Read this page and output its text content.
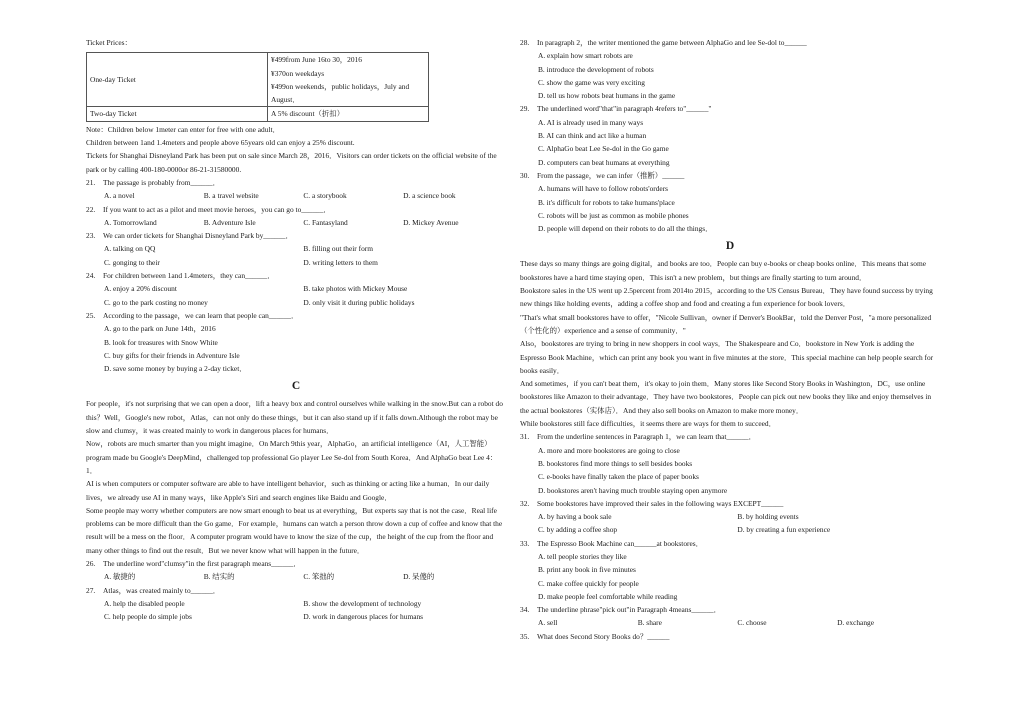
Ticket Prices：

One-day Ticket	¥499from June 16to 30，2016
¥370on weekdays
¥499on weekends，public holidays，July and August．

Two-day Ticket	A 5% discount（折扣）

Note：Children below 1meter can enter for free with one adult．

Children between 1and 1.4meters and people above 65years old can enjoy a 25% discount.

Tickets for Shanghai Disneyland Park has been put on sale since March 28，2016．Visitors can order tickets on the official website of the park or by calling 400-180-0000or 86-21-31580000.

21. The passage is probably from______．
A. a novel	B. a travel website	C. a storybook	D. a science book
22. If you want to act as a pilot and meet movie heroes，you can go to______．
A. Tomorrowland	B. Adventure Isle	C. Fantasyland	D. Mickey Avenue
23. We can order tickets for Shanghai Disneyland Park by______．
A. talking on QQ	B. filling out their form
C. gonging to their	D. writing letters to them
24. For children between 1and 1.4meters，they can______．
A. enjoy a 20% discount	B. take photos with Mickey Mouse
C. go to the park costing no money	D. only visit it during public holidays
25. According to the passage，we can learn that people can______．
A. go to the park on June 14th，2016
B. look for treasures with Snow White
C. buy gifts for their friends in Adventure Isle
D. save some money by buying a 2-day ticket．
C

For people，it's not surprising that we can open a door，lift a heavy box and control ourselves while walking in the snow.But can a robot do this？Well，Google's new robot，Atlas，can not only do these things，but it can also stand up if it falls down.Although the robot may be slow and clumsy，it was created mainly to work in dangerous places for humans．

Now，robots are much smarter than you might imagine．On March 9this year，AlphaGo，an artificial intelligence（AI，人工智能）program made bu Google's DeepMind，challenged top professional Go player Lee Se-dol from South Korea．And AlphaGo beat Lee 4：1．

AI is when computers or computer software are able to have intelligent behavior，such as thinking or acting like a human．In our daily lives，we already use AI in many ways，like Apple's Siri and search engines like Baidu and Google．

Some people may worry whether computers are now smart enough to beat us at everything，But experts say that is not the case．Real life problems can be more difficult than the Go game．For example，humans can watch a person throw down a cup of coffee and know that the result will be a mess on the floor．A computer program would have to know the size of the cup，the height of the cup from the floor and many other things to find out the result．But we never know what will happen in the future．

26. The underline word"clumsy"in the first paragraph means______．
A. 敏捷的	B. 结实的	C. 笨拙的	D. 呆傻的
27. Atlas，was created mainly to______．
A. help the disabled people	B. show the development of technology
C. help people do simple jobs	D. work in dangerous places for humans
28. In paragraph 2，the writer mentioned the game between AlphaGo and lee Se-dol to______
A. explain how smart robots are
B. introduce the development of robots
C. show the game was very exciting
D. tell us how robots beat humans in the game
29. The underlined word"that"in paragraph 4refers to"______"
A. AI is already used in many ways
B. AI can think and act like a human
C. AlphaGo beat Lee Se-dol in the Go game
D. computers can beat humans at everything
30. From the passage，we can infer（推断）______
A. humans will have to follow robots'orders
B. it's difficult for robots to take humans'place
C. robots will be just as common as mobile phones
D. people will depend on their robots to do all the things．
D

These days so many things are going digital，and books are too．People can buy e-books or cheap books online．This means that some bookstores have a hard time staying open．This isn't a new problem，but things are finally starting to turn around．

Bookstore sales in the US went up 2.5percent from 2014to 2015，according to the US Census Bureau．They have found success by trying new things like holding events，adding a coffee shop and food and creating a fun experience for book lovers．

"That's what small bookstores have to offer，"Nicole Sullivan，owner if Denver's BookBar，told the Denver Post，"a more personalized（个性化的）experience and a sense of community．"

Also，bookstores are trying to bring in new shoppers in cool ways．The Shakespeare and Co．bookstore in New York is adding the Espresso Book Machine，which can print any book you want in five minutes at the store．This special machine can help people search for books easily．

And sometimes，if you can't beat them，it's okay to join them．Many stores like Second Story Books in Washington，DC，use online bookstores like Amazon to their advantage．They have two bookstores．People can pick out new books they like and enjoy themselves in the actual bookstores（实体店）．And they also sell books on Amazon to make more money．

While bookstores still face difficulties，it seems there are ways for them to succeed．

31. From the underline sentences in Paragraph 1，we can learn that______．
A. more and more bookstores are going to close
B. bookstores find more things to sell besides books
C. e-books have finally taken the place of paper books
D. bookstores aren't having much trouble staying open anymore
32. Some bookstores have improved their sales in the following ways EXCEPT______
A. by having a book sale	B. by holding events
C. by adding a coffee shop	D. by creating a fun experience
33. The Espresso Book Machine can______at bookstores．
A. tell people stories they like
B. print any book in five minutes
C. make coffee quickly for people
D. make people feel comfortable while reading
34. The underline phrase"pick out"in Paragraph 4means______．
A. sell	B. share	C. choose	D. exchange
35. What does Second Story Books do？______
